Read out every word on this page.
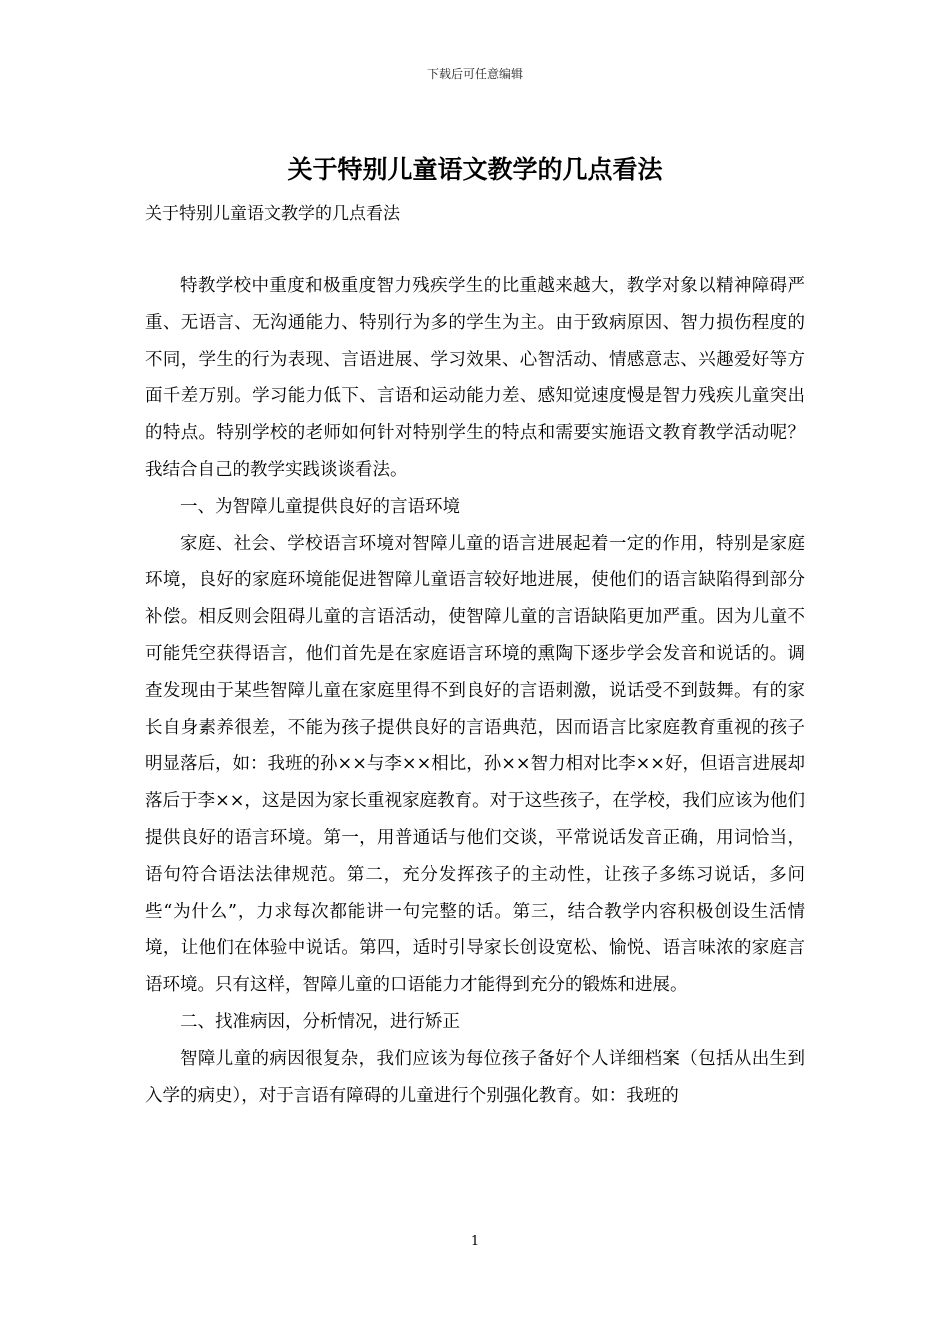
下载后可任意编辑
关于特别儿童语文教学的几点看法
关于特别儿童语文教学的几点看法

特教学校中重度和极重度智力残疾学生的比重越来越大，教学对象以精神障碍严重、无语言、无沟通能力、特别行为多的学生为主。由于致病原因、智力损伤程度的不同，学生的行为表现、言语进展、学习效果、心智活动、情感意志、兴趣爱好等方面千差万别。学习能力低下、言语和运动能力差、感知觉速度慢是智力残疾儿童突出的特点。特别学校的老师如何针对特别学生的特点和需要实施语文教育教学活动呢？我结合自己的教学实践谈谈看法。

一、为智障儿童提供良好的言语环境

家庭、社会、学校语言环境对智障儿童的语言进展起着一定的作用，特别是家庭环境，良好的家庭环境能促进智障儿童语言较好地进展，使他们的语言缺陷得到部分补偿。相反则会阻碍儿童的言语活动，使智障儿童的言语缺陷更加严重。因为儿童不可能凭空获得语言，他们首先是在家庭语言环境的熏陶下逐步学会发音和说话的。调查发现由于某些智障儿童在家庭里得不到良好的言语刺激，说话受不到鼓舞。有的家长自身素养很差，不能为孩子提供良好的言语典范，因而语言比家庭教育重视的孩子明显落后，如：我班的孙××与李××相比，孙××智力相对比李××好，但语言进展却落后于李××，这是因为家长重视家庭教育。对于这些孩子，在学校，我们应该为他们提供良好的语言环境。第一，用普通话与他们交谈，平常说话发音正确，用词恰当，语句符合语法法律规范。第二，充分发挥孩子的主动性，让孩子多练习说话，多问些“为什么”，力求每次都能讲一句完整的话。第三，结合教学内容积极创设生活情境，让他们在体验中说话。第四，适时引导家长创设宽松、愉悦、语言味浓的家庭言语环境。只有这样，智障儿童的口语能力才能得到充分的锻炼和进展。

二、找准病因，分析情况，进行矫正

智障儿童的病因很复杂，我们应该为每位孩子备好个人详细档案（包括从出生到入学的病史），对于言语有障碍的儿童进行个别强化教育。如：我班的

1
